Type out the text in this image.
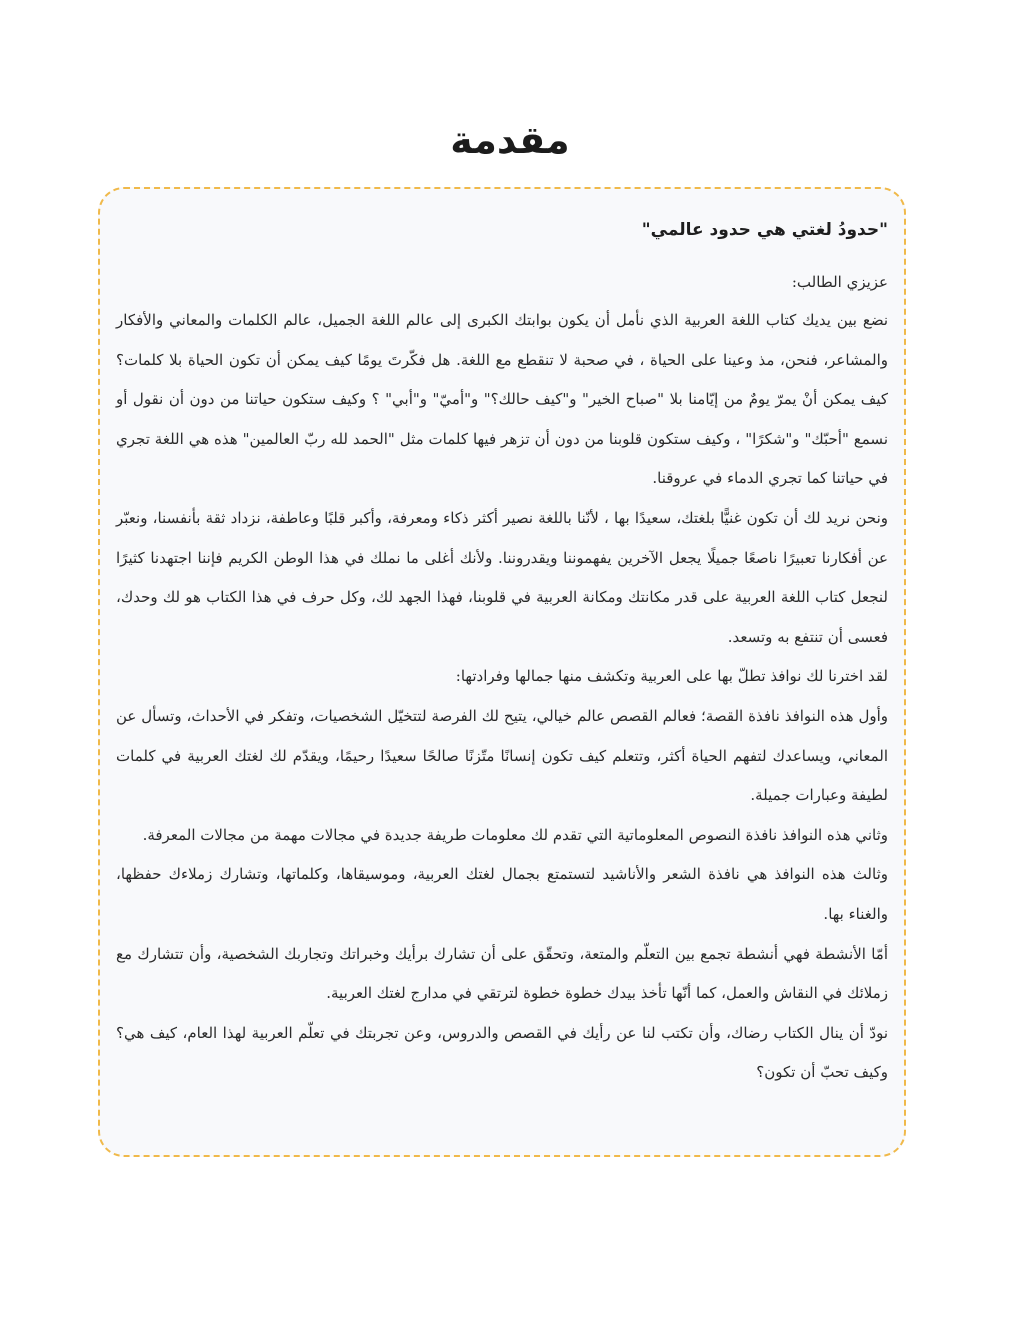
مقدمة

"حدودُ لغتي هي حدود عالمي"

عزيزي الطالب:

نضع بين يديك كتاب اللغة العربية الذي نأمل أن يكون بوابتك الكبرى إلى عالم اللغة الجميل، عالم الكلمات والمعاني والأفكار والمشاعر، فنحن، مذ وعينا على الحياة ، في صحبة لا تنقطع مع اللغة. هل فكّرتَ يومًا كيف يمكن أن تكون الحياة بلا كلمات؟ كيف يمكن أنْ يمرّ يومٌ من إيّامنا بلا "صباح الخير" و"كيف حالك؟" و"أميّ" و"أبي" ؟ وكيف ستكون حياتنا من دون أن نقول أو نسمع "أحبّك" و"شكرًا" ، وكيف ستكون قلوبنا من دون أن تزهر فيها كلمات مثل "الحمد لله ربّ العالمين" هذه هي اللغة تجري في حياتنا كما تجري الدماء في عروقنا.

ونحن نريد لك أن تكون غنيًّا بلغتك، سعيدًا بها ، لأنّنا باللغة نصير أكثر ذكاء ومعرفة، وأكبر قلبًا وعاطفة، نزداد ثقة بأنفسنا، ونعبّر عن أفكارنا تعبيرًا ناصعًا جميلًا يجعل الآخرين يفهموننا ويقدروننا. ولأنك أغلى ما نملك في هذا الوطن الكريم فإننا اجتهدنا كثيرًا لنجعل كتاب اللغة العربية على قدر مكانتك ومكانة العربية في قلوبنا، فهذا الجهد لك، وكل حرف في هذا الكتاب هو لك وحدك، فعسى أن تنتفع به وتسعد.

لقد اخترنا لك نوافذ تطلّ بها على العربية وتكشف منها جمالها وفرادتها:

وأول هذه النوافذ نافذة القصة؛ فعالم القصص عالم خيالي، يتيح لك الفرصة لتتخيّل الشخصيات، وتفكر في الأحداث، وتسأل عن المعاني، ويساعدك لتفهم الحياة أكثر، وتتعلم كيف تكون إنسانًا متّزنًا صالحًا سعيدًا رحيمًا، ويقدّم لك لغتك العربية في كلمات لطيفة وعبارات جميلة.

وثاني هذه النوافذ نافذة النصوص المعلوماتية التي تقدم لك معلومات طريفة جديدة في مجالات مهمة من مجالات المعرفة.

وثالث هذه النوافذ هي نافذة الشعر والأناشيد لتستمتع بجمال لغتك العربية، وموسيقاها، وكلماتها، وتشارك زملاءك حفظها، والغناء بها.

أمّا الأنشطة فهي أنشطة تجمع بين التعلّم والمتعة، وتحقّق على أن تشارك برأيك وخبراتك وتجاربك الشخصية، وأن تتشارك مع زملائك في النقاش والعمل، كما أنّها تأخذ بيدك خطوة خطوة لترتقي في مدارج لغتك العربية.

نودّ أن ينال الكتاب رضاك، وأن تكتب لنا عن رأيك في القصص والدروس، وعن تجربتك في تعلّم العربية لهذا العام، كيف هي؟ وكيف تحبّ أن تكون؟
